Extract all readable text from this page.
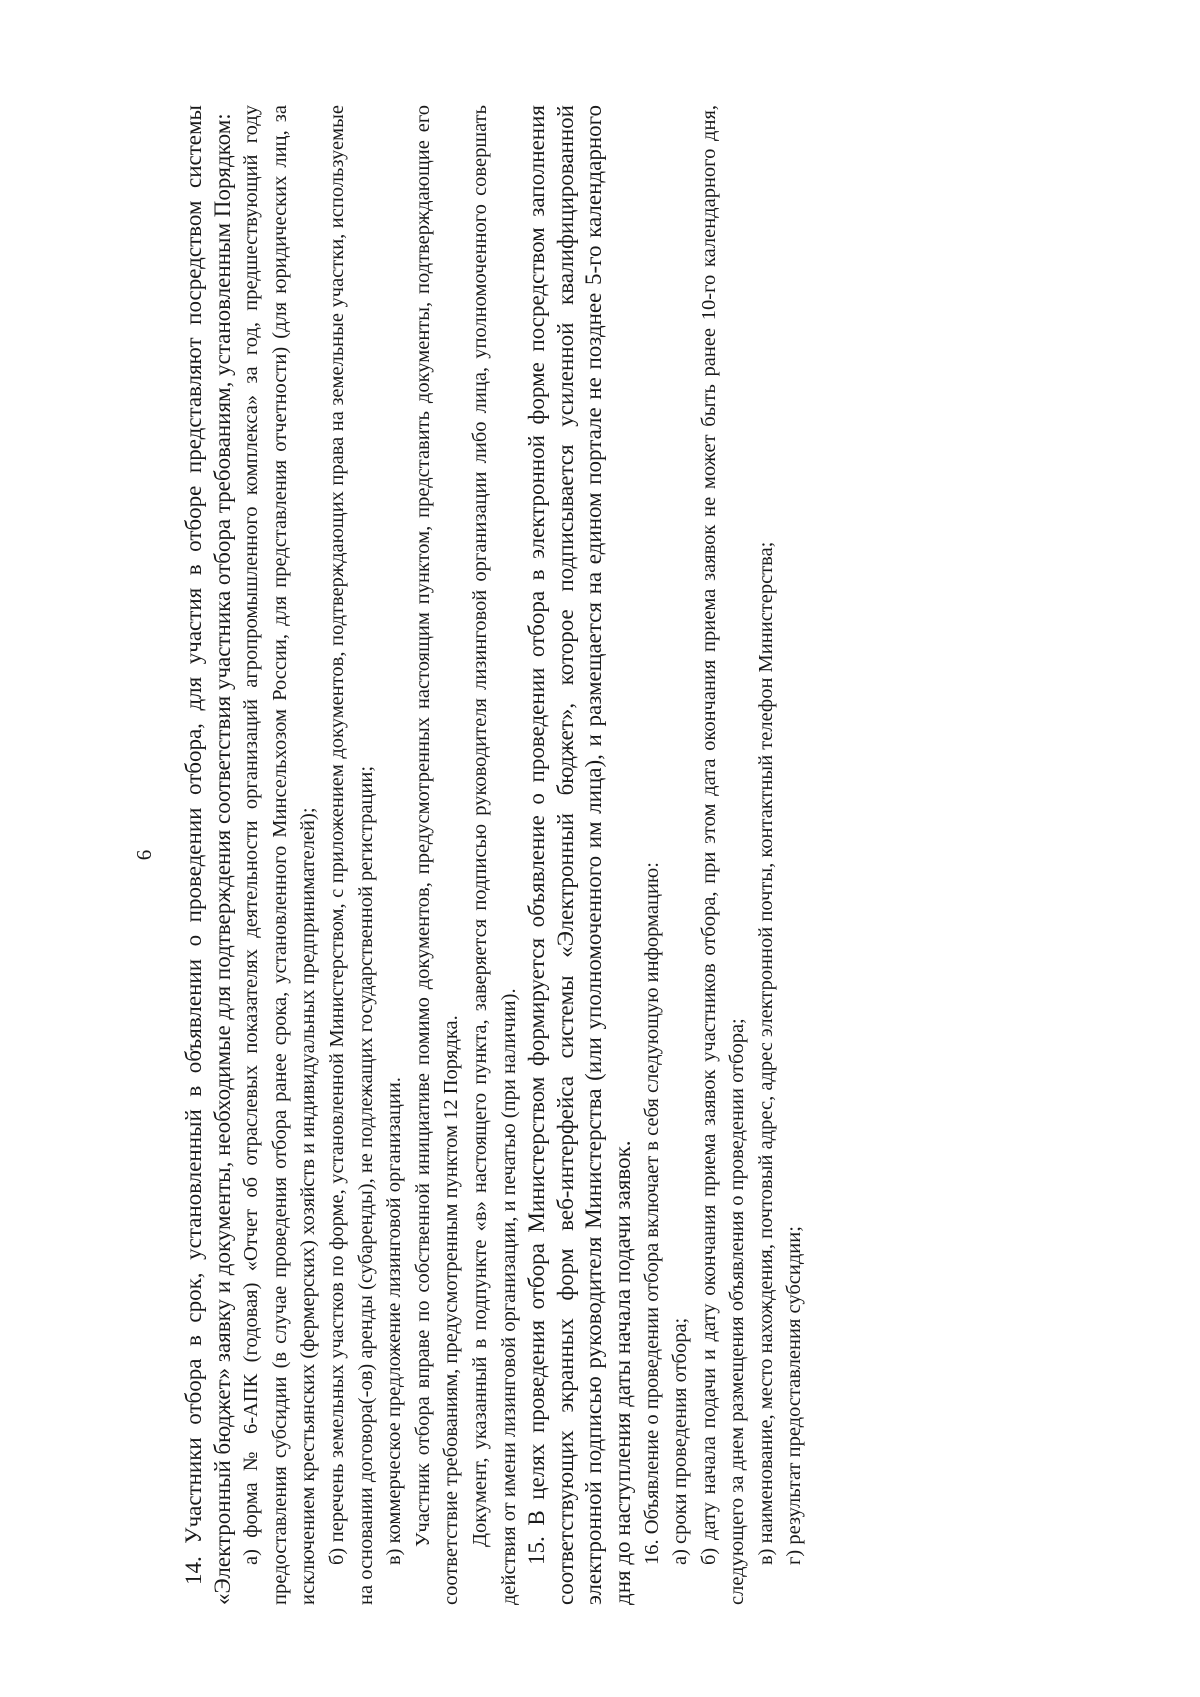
6 14. Участники отбора в срок, установленный в объявлении о проведении отбора, для участия в отборе представляют посредством системы «Электронный бюджет» заявку и документы, необходимые для подтверждения соответствия участника отбора требованиям, установленным Порядком: а) форма № 6-АПК (годовая) «Отчет об отраслевых показателях деятельности организаций агропромышленного комплекса» за год, предшествующий году предоставления субсидии (в случае проведения отбора ранее срока, установленного Минсельхозом России, для представления отчетности) (для юридических лиц, за исключением крестьянских (фермерских) хозяйств и индивидуальных предпринимателей); б) перечень земельных участков по форме, установленной Министерством, с приложением документов, подтверждающих права на земельные участки, используемые на основании договора(-ов) аренды (субаренды), не подлежащих государственной регистрации; в) коммерческое предложение лизинговой организации. Участник отбора вправе по собственной инициативе помимо документов, предусмотренных настоящим пунктом, представить документы, подтверждающие его соответствие требованиям, предусмотренным пунктом 12 Порядка. Документ, указанный в подпункте «в» настоящего пункта, заверяется подписью руководителя лизинговой организации либо лица, уполномоченного совершать действия от имени лизинговой организации, и печатью (при наличии). 15. В целях проведения отбора Министерством формируется объявление о проведении отбора в электронной форме посредством заполнения соответствующих экранных форм веб-интерфейса системы «Электронный бюджет», которое подписывается усиленной квалифицированной электронной подписью руководителя Министерства (или уполномоченного им лица), и размещается на едином портале не позднее 5-го календарного дня до наступления даты начала подачи заявок. 16. Объявление о проведении отбора включает в себя следующую информацию: а) сроки проведения отбора; б) дату начала подачи и дату окончания приема заявок участников отбора, при этом дата окончания приема заявок не может быть ранее 10-го календарного дня, следующего за днем размещения объявления о проведении отбора; в) наименование, место нахождения, почтовый адрес, адрес электронной почты, контактный телефон Министерства; г) результат предоставления субсидии;
